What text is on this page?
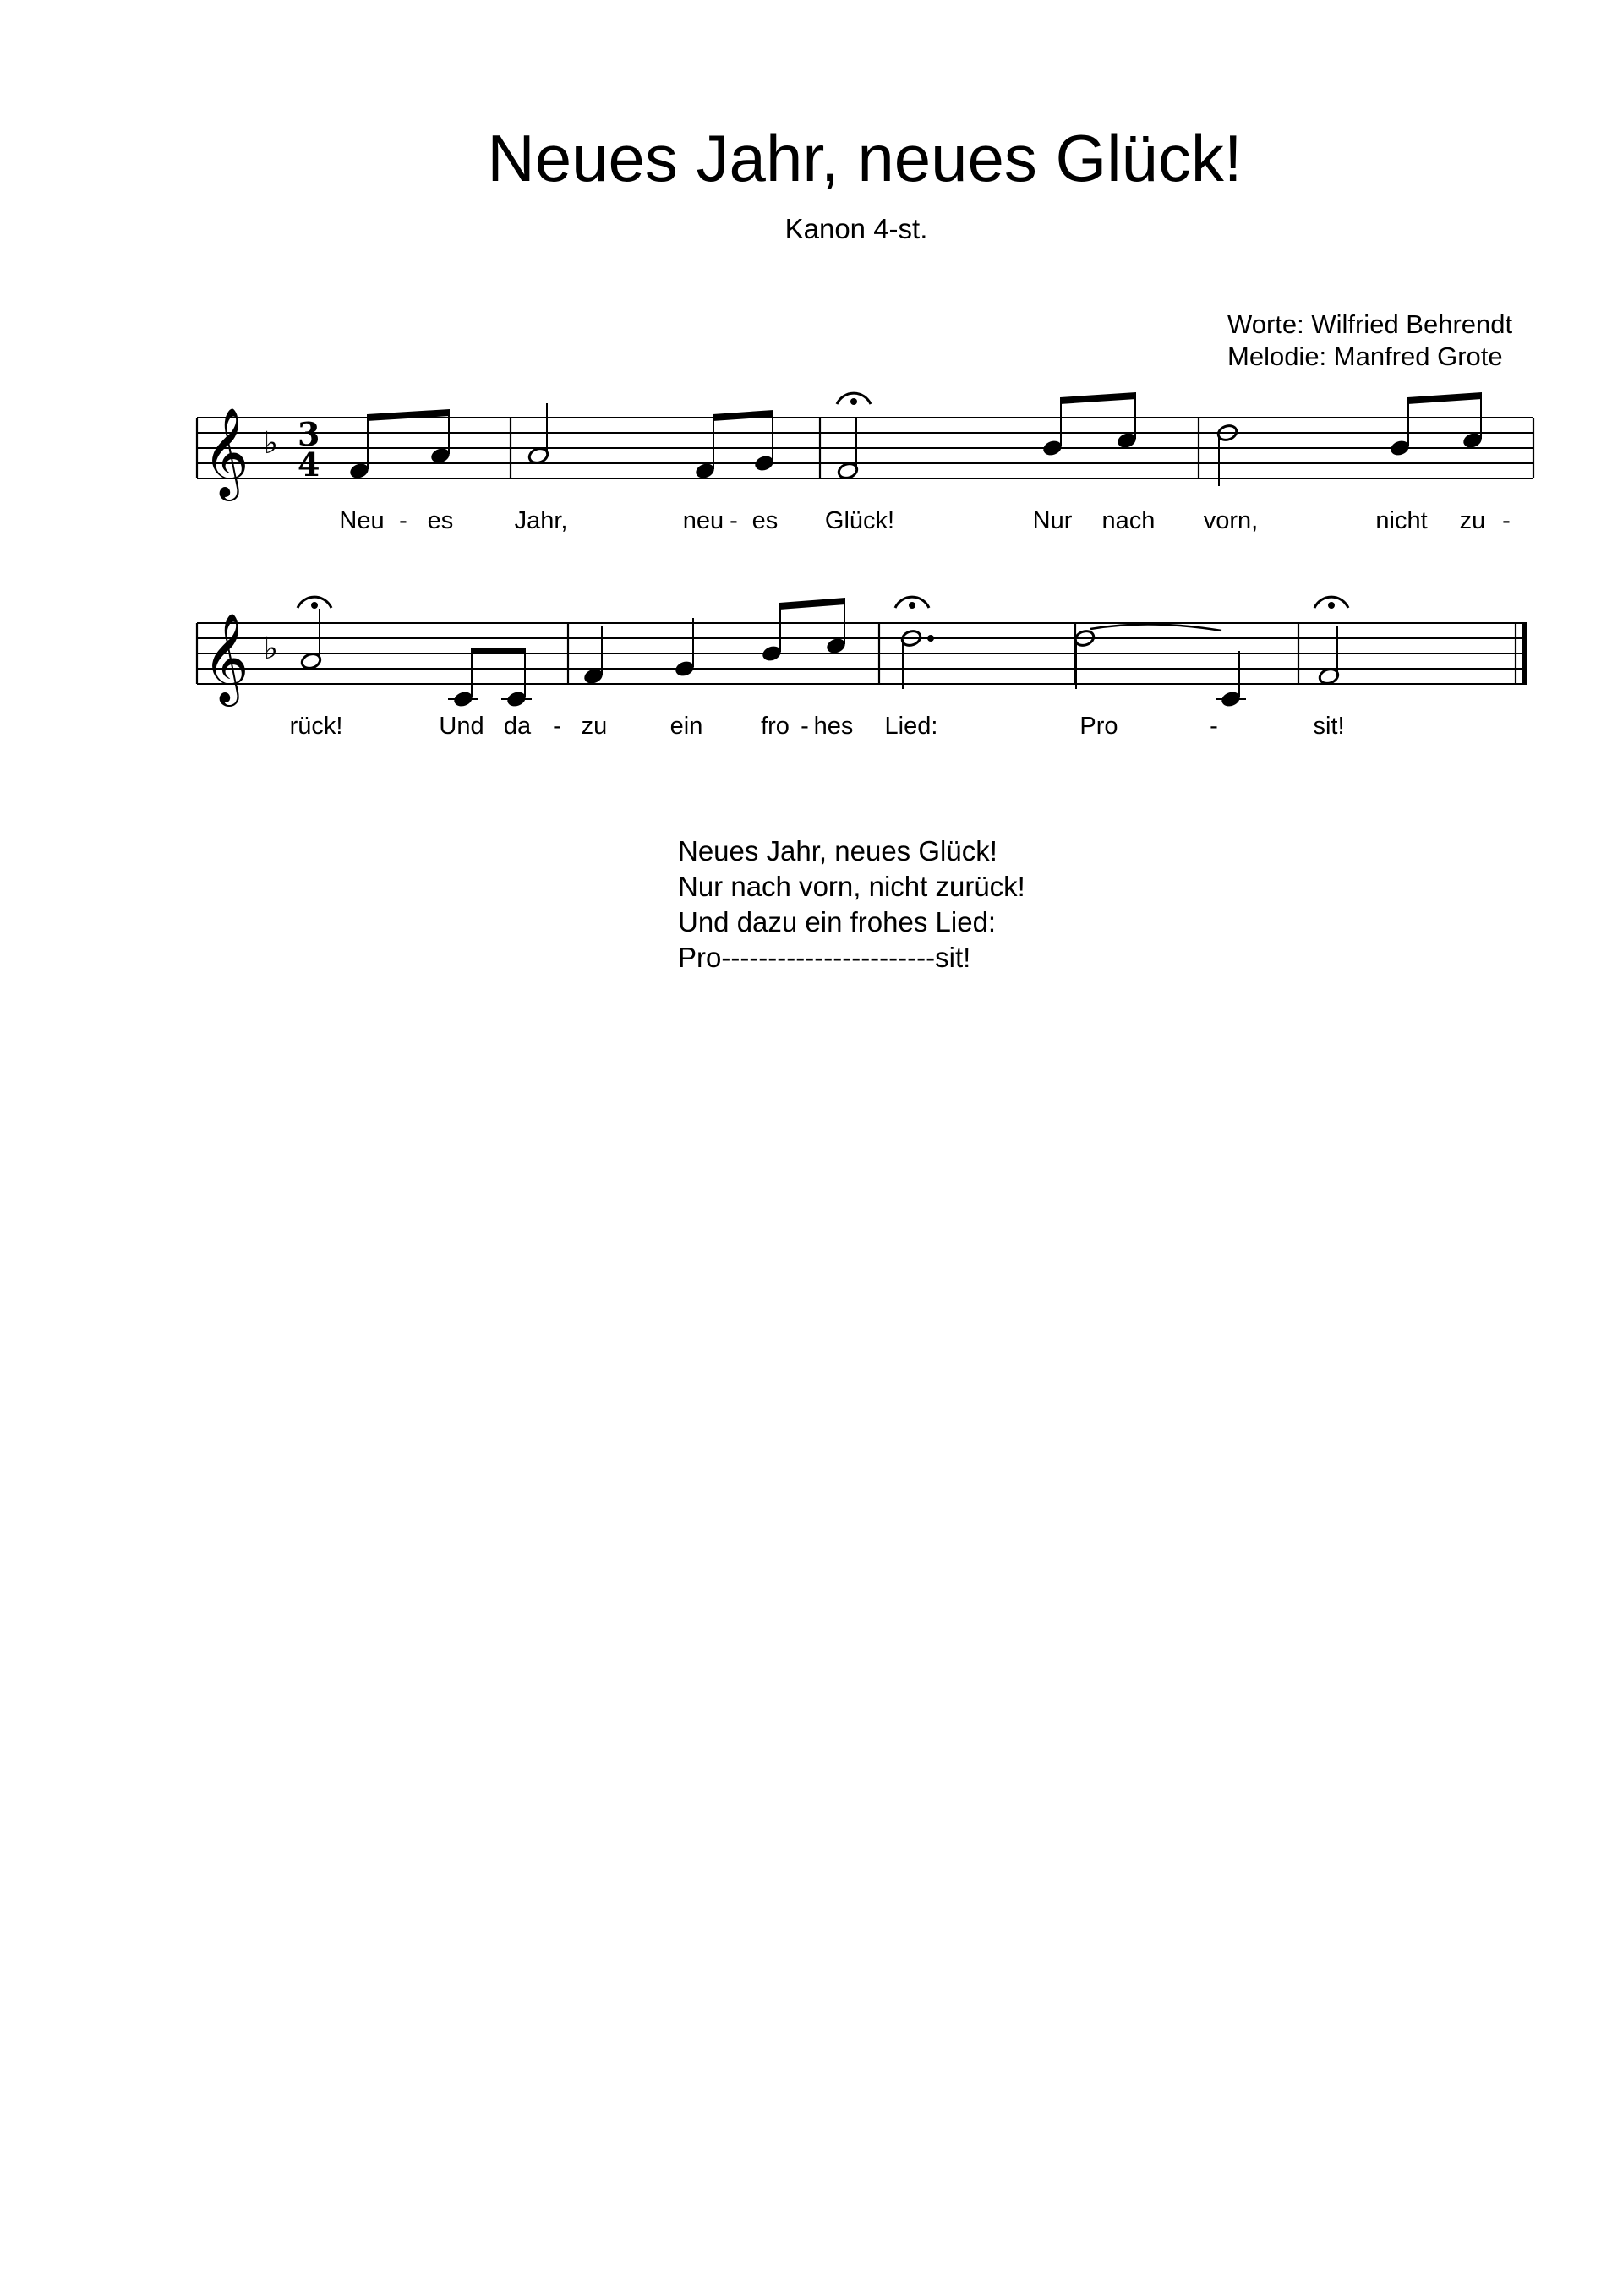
Neues Jahr, neues Glück!
Kanon 4-st.
Worte: Wilfried Behrendt
Melodie: Manfred Grote
𝄞 ♭ 3
4
Neu - es Jahr,	neu - es Glück!	Nur nach vorn,	nicht zu -
𝄞 ♭
rück!	Und da - zu	ein fro - hes Lied:	Pro	-	sit!
Neues Jahr, neues Glück!
Nur nach vorn, nicht zurück!
Und dazu ein frohes Lied:
Pro-----------------------sit!
